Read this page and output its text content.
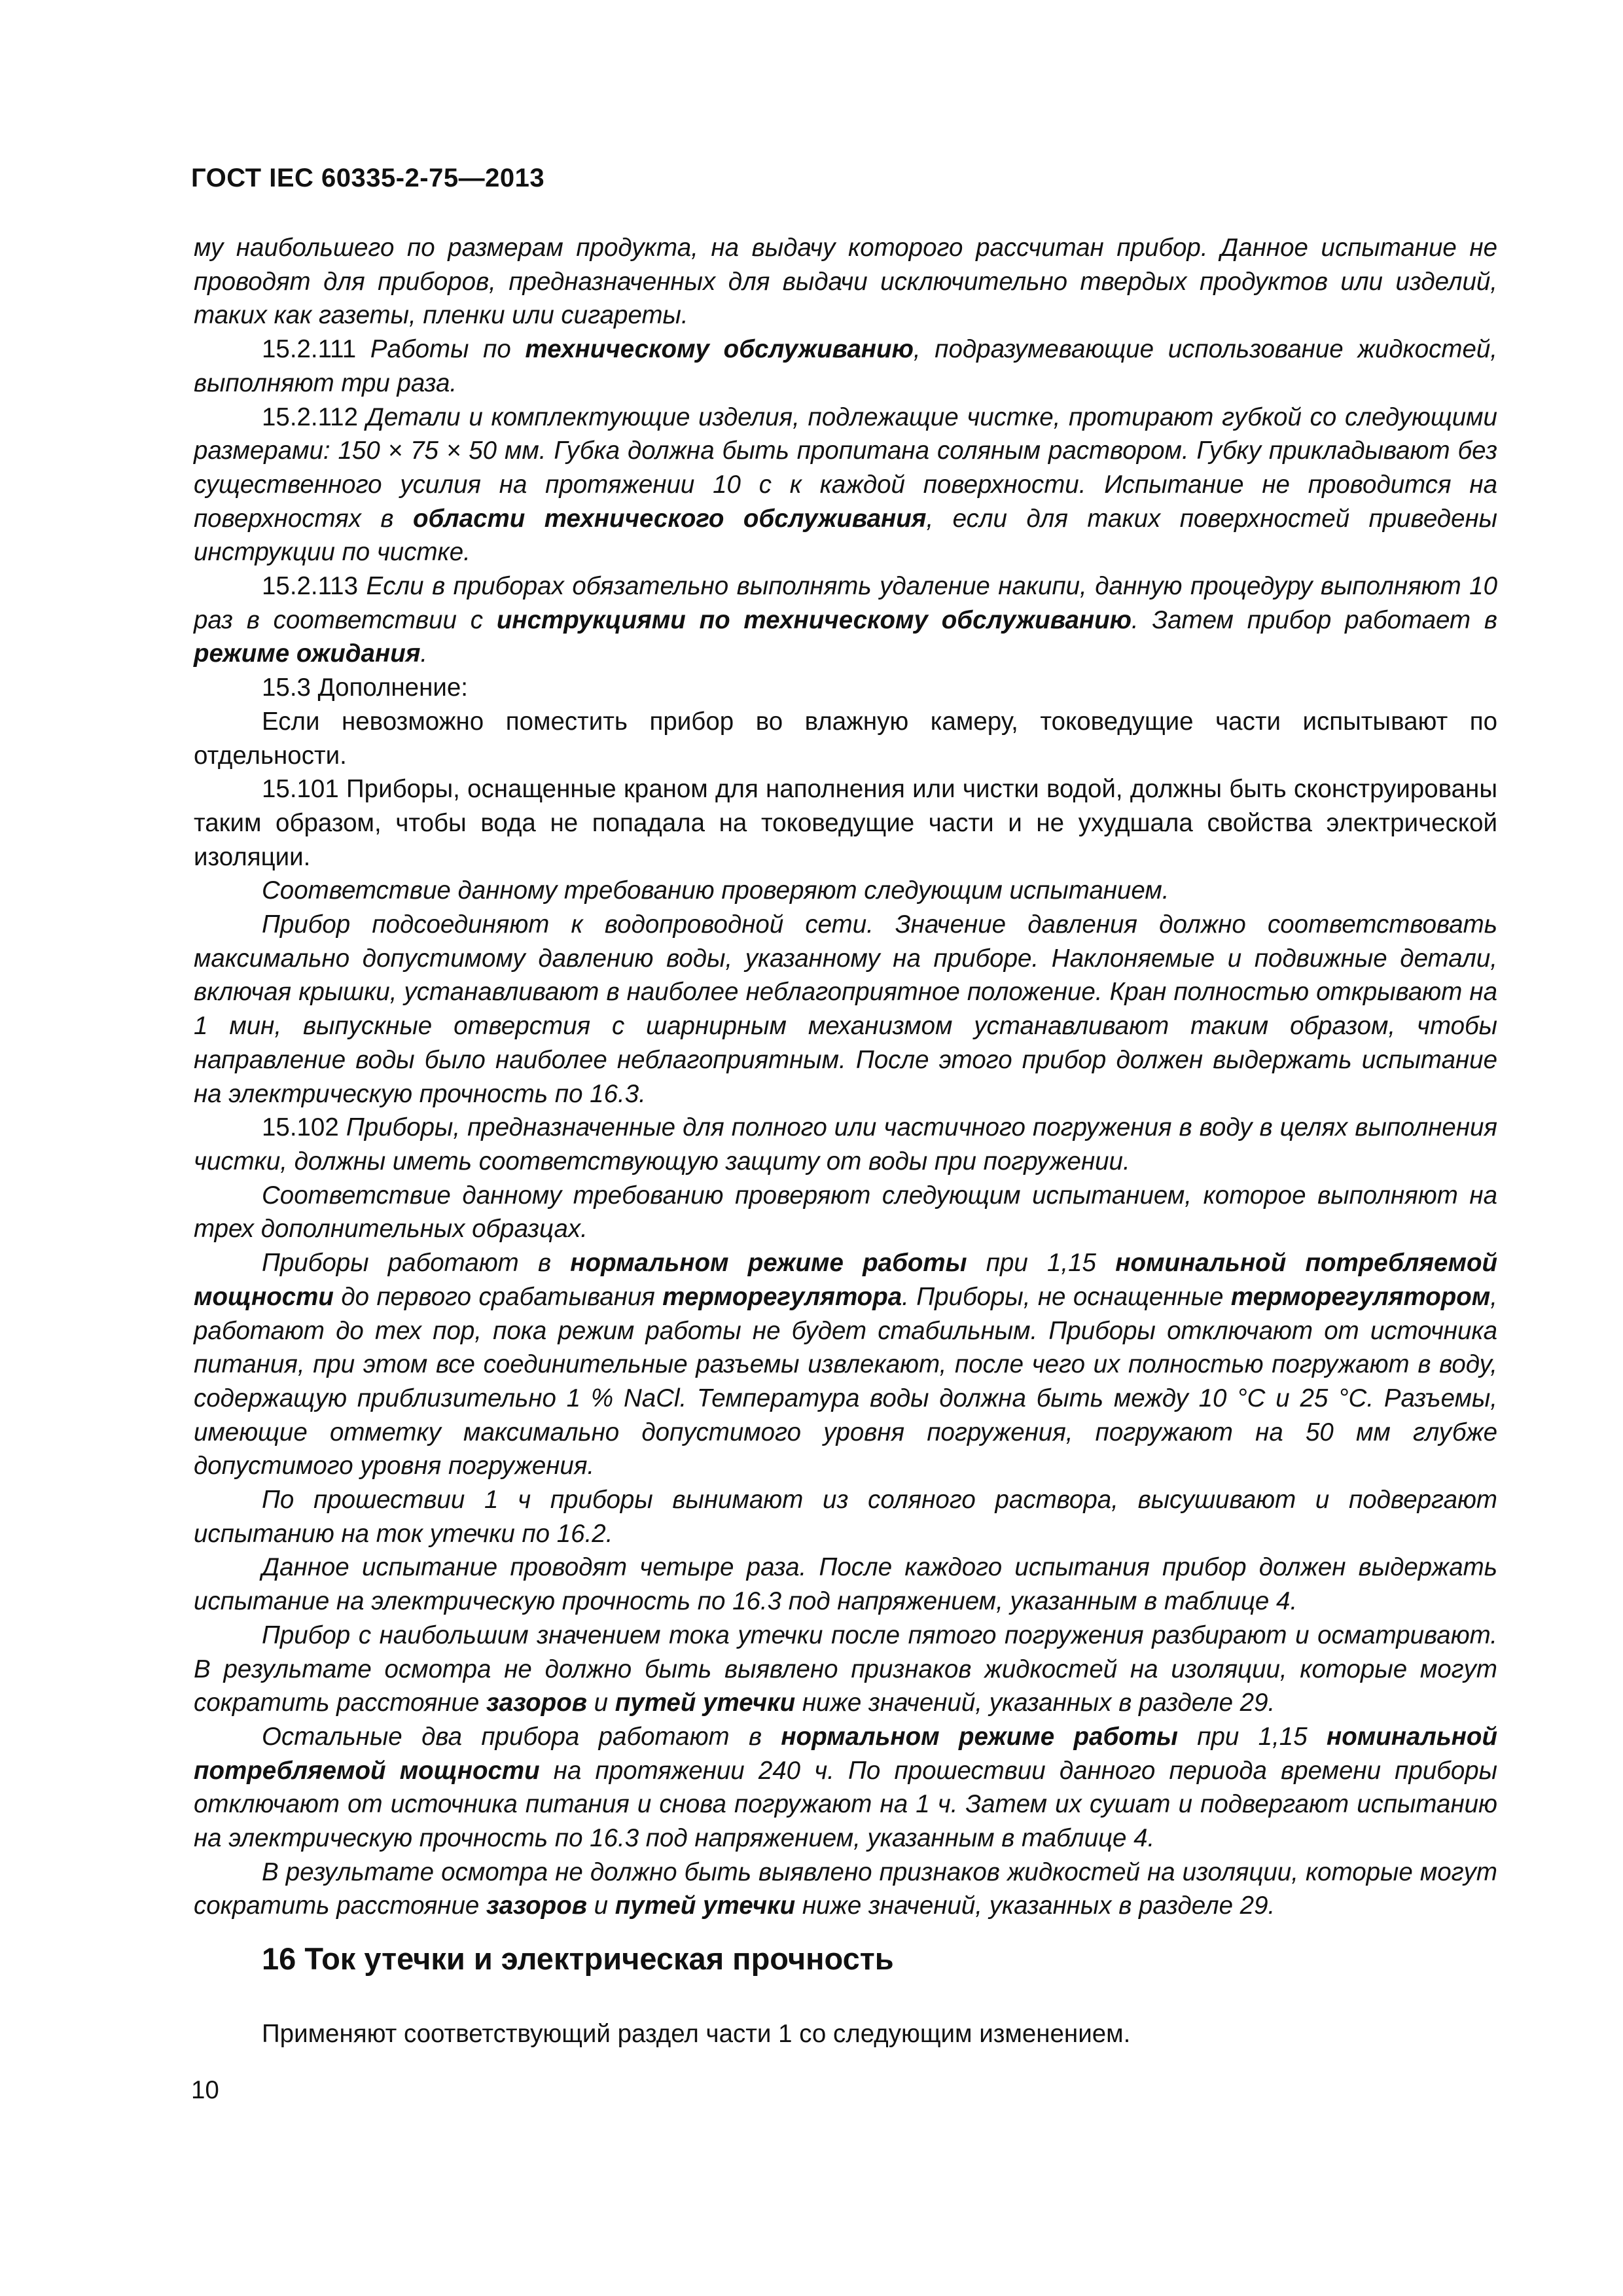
ГОСТ IEC 60335-2-75—2013

му наибольшего по размерам продукта, на выдачу которого рассчитан прибор. Данное испытание не проводят для приборов, предназначенных для выдачи исключительно твердых продуктов или изделий, таких как газеты, пленки или сигареты.

15.2.111 Работы по техническому обслуживанию, подразумевающие использование жидкостей, выполняют три раза.

15.2.112 Детали и комплектующие изделия, подлежащие чистке, протирают губкой со следующими размерами: 150 × 75 × 50 мм. Губка должна быть пропитана соляным раствором. Губку прикладывают без существенного усилия на протяжении 10 с к каждой поверхности. Испытание не проводится на поверхностях в области технического обслуживания, если для таких поверхностей приведены инструкции по чистке.

15.2.113 Если в приборах обязательно выполнять удаление накипи, данную процедуру выполняют 10 раз в соответствии с инструкциями по техническому обслуживанию. Затем прибор работает в режиме ожидания.

15.3 Дополнение:

Если невозможно поместить прибор во влажную камеру, токоведущие части испытывают по отдельности.

15.101 Приборы, оснащенные краном для наполнения или чистки водой, должны быть сконструированы таким образом, чтобы вода не попадала на токоведущие части и не ухудшала свойства электрической изоляции.

Соответствие данному требованию проверяют следующим испытанием.

Прибор подсоединяют к водопроводной сети. Значение давления должно соответствовать максимально допустимому давлению воды, указанному на приборе. Наклоняемые и подвижные детали, включая крышки, устанавливают в наиболее неблагоприятное положение. Кран полностью открывают на 1 мин, выпускные отверстия с шарнирным механизмом устанавливают таким образом, чтобы направление воды было наиболее неблагоприятным. После этого прибор должен выдержать испытание на электрическую прочность по 16.3.

15.102 Приборы, предназначенные для полного или частичного погружения в воду в целях выполнения чистки, должны иметь соответствующую защиту от воды при погружении.

Соответствие данному требованию проверяют следующим испытанием, которое выполняют на трех дополнительных образцах.

Приборы работают в нормальном режиме работы при 1,15 номинальной потребляемой мощности до первого срабатывания терморегулятора. Приборы, не оснащенные терморегулятором, работают до тех пор, пока режим работы не будет стабильным. Приборы отключают от источника питания, при этом все соединительные разъемы извлекают, после чего их полностью погружают в воду, содержащую приблизительно 1 % NaCl. Температура воды должна быть между 10 °С и 25 °С. Разъемы, имеющие отметку максимально допустимого уровня погружения, погружают на 50 мм глубже допустимого уровня погружения.

По прошествии 1 ч приборы вынимают из соляного раствора, высушивают и подвергают испытанию на ток утечки по 16.2.

Данное испытание проводят четыре раза. После каждого испытания прибор должен выдержать испытание на электрическую прочность по 16.3 под напряжением, указанным в таблице 4.

Прибор с наибольшим значением тока утечки после пятого погружения разбирают и осматривают. В результате осмотра не должно быть выявлено признаков жидкостей на изоляции, которые могут сократить расстояние зазоров и путей утечки ниже значений, указанных в разделе 29.

Остальные два прибора работают в нормальном режиме работы при 1,15 номинальной потребляемой мощности на протяжении 240 ч. По прошествии данного периода времени приборы отключают от источника питания и снова погружают на 1 ч. Затем их сушат и подвергают испытанию на электрическую прочность по 16.3 под напряжением, указанным в таблице 4.

В результате осмотра не должно быть выявлено признаков жидкостей на изоляции, которые могут сократить расстояние зазоров и путей утечки ниже значений, указанных в разделе 29.

16 Ток утечки и электрическая прочность
Применяют соответствующий раздел части 1 со следующим изменением.
10
